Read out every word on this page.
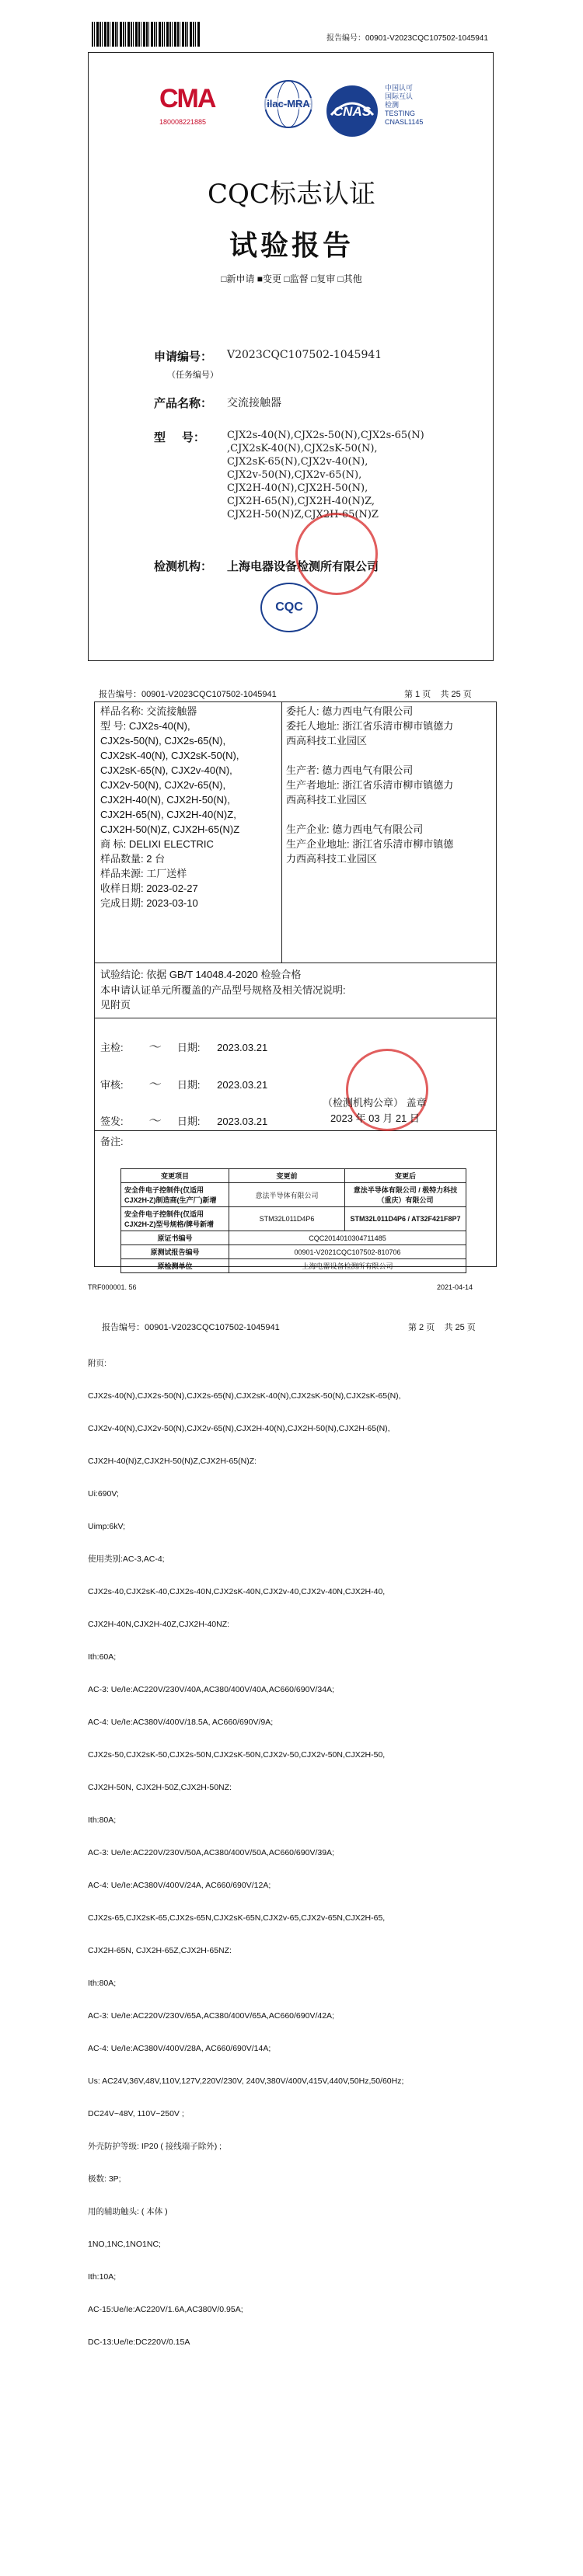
报告编号：00901-V2023CQC107502-1045941
CMA
180008221885
ilac-MRA
CNAS
中国认可
国际互认
检测
TESTING
CNASL1145
CQC标志认证
试验报告
□新申请 ■变更 □监督 □复审 □其他
申请编号： V2023CQC107502-1045941
（任务编号）
产品名称： 交流接触器
型    号： CJX2s-40(N),CJX2s-50(N),CJX2s-65(N)
,CJX2sK-40(N),CJX2sK-50(N),
CJX2sK-65(N),CJX2v-40(N),
CJX2v-50(N),CJX2v-65(N),
CJX2H-40(N),CJX2H-50(N),
CJX2H-65(N),CJX2H-40(N)Z,
CJX2H-50(N)Z,CJX2H-65(N)Z
检测机构： 上海电器设备检测所有限公司
CQC
报告编号：00901-V2023CQC107502-1045941	第 1 页    共 25 页
样品名称: 交流接触器
型 号: CJX2s-40(N),
CJX2s-50(N), CJX2s-65(N),
CJX2sK-40(N), CJX2sK-50(N),
CJX2sK-65(N), CJX2v-40(N),
CJX2v-50(N), CJX2v-65(N),
CJX2H-40(N), CJX2H-50(N),
CJX2H-65(N), CJX2H-40(N)Z,
CJX2H-50(N)Z, CJX2H-65(N)Z
商 标: DELIXI ELECTRIC
样品数量: 2 台
样品来源: 工厂送样
收样日期: 2023-02-27
完成日期: 2023-03-10
委托人: 德力西电气有限公司
委托人地址: 浙江省乐清市柳市镇德力
西高科技工业园区
生产者: 德力西电气有限公司
生产者地址: 浙江省乐清市柳市镇德力
西高科技工业园区
生产企业: 德力西电气有限公司
生产企业地址: 浙江省乐清市柳市镇德
力西高科技工业园区
试验结论: 依据 GB/T 14048.4-2020 检验合格
本申请认证单元所覆盖的产品型号规格及相关情况说明:
见附页
主检: ～ 日期: 2023.03.21
审核: ～ 日期: 2023.03.21
签发: ～ 日期: 2023.03.21
（检测机构公章） 盖章
2023 年 03 月 21 日
备注:
变更项目	变更前	变更后
安全件电子控制件(仅适用CJX2H-Z)制造商(生产厂)新增	意法半导体有限公司	意法半导体有限公司 / 极特力科技（重庆）有限公司
安全件电子控制件(仅适用CJX2H-Z)型号规格/牌号新增	STM32L011D4P6	STM32L011D4P6 / AT32F421F8P7
原证书编号	CQC2014010304711485	
原测试报告编号	00901-V2021CQC107502-810706	
原检测单位	上海电器设备检测所有限公司	
TRF000001. 56	2021-04-14
报告编号：00901-V2023CQC107502-1045941	第 2 页    共 25 页

附页:

CJX2s-40(N),CJX2s-50(N),CJX2s-65(N),CJX2sK-40(N),CJX2sK-50(N),CJX2sK-65(N),

CJX2v-40(N),CJX2v-50(N),CJX2v-65(N),CJX2H-40(N),CJX2H-50(N),CJX2H-65(N),

CJX2H-40(N)Z,CJX2H-50(N)Z,CJX2H-65(N)Z:

Ui:690V;

Uimp:6kV;

使用类别:AC-3,AC-4;

CJX2s-40,CJX2sK-40,CJX2s-40N,CJX2sK-40N,CJX2v-40,CJX2v-40N,CJX2H-40,

CJX2H-40N,CJX2H-40Z,CJX2H-40NZ:

Ith:60A;

AC-3: Ue/Ie:AC220V/230V/40A,AC380/400V/40A,AC660/690V/34A;

AC-4: Ue/Ie:AC380V/400V/18.5A, AC660/690V/9A;

CJX2s-50,CJX2sK-50,CJX2s-50N,CJX2sK-50N,CJX2v-50,CJX2v-50N,CJX2H-50,

CJX2H-50N, CJX2H-50Z,CJX2H-50NZ:

Ith:80A;

AC-3: Ue/Ie:AC220V/230V/50A,AC380/400V/50A,AC660/690V/39A;

AC-4: Ue/Ie:AC380V/400V/24A, AC660/690V/12A;

CJX2s-65,CJX2sK-65,CJX2s-65N,CJX2sK-65N,CJX2v-65,CJX2v-65N,CJX2H-65,

CJX2H-65N, CJX2H-65Z,CJX2H-65NZ:

Ith:80A;

AC-3: Ue/Ie:AC220V/230V/65A,AC380/400V/65A,AC660/690V/42A;

AC-4: Ue/Ie:AC380V/400V/28A, AC660/690V/14A;

Us: AC24V,36V,48V,110V,127V,220V/230V, 240V,380V/400V,415V,440V,50Hz,50/60Hz;

DC24V~48V, 110V~250V ;

外壳防护等级: IP20 ( 接线端子除外) ;

极数: 3P;

用的辅助触头: ( 本体 )

1NO,1NC,1NO1NC;

Ith:10A;

AC-15:Ue/Ie:AC220V/1.6A,AC380V/0.95A;

DC-13:Ue/Ie:DC220V/0.15A
